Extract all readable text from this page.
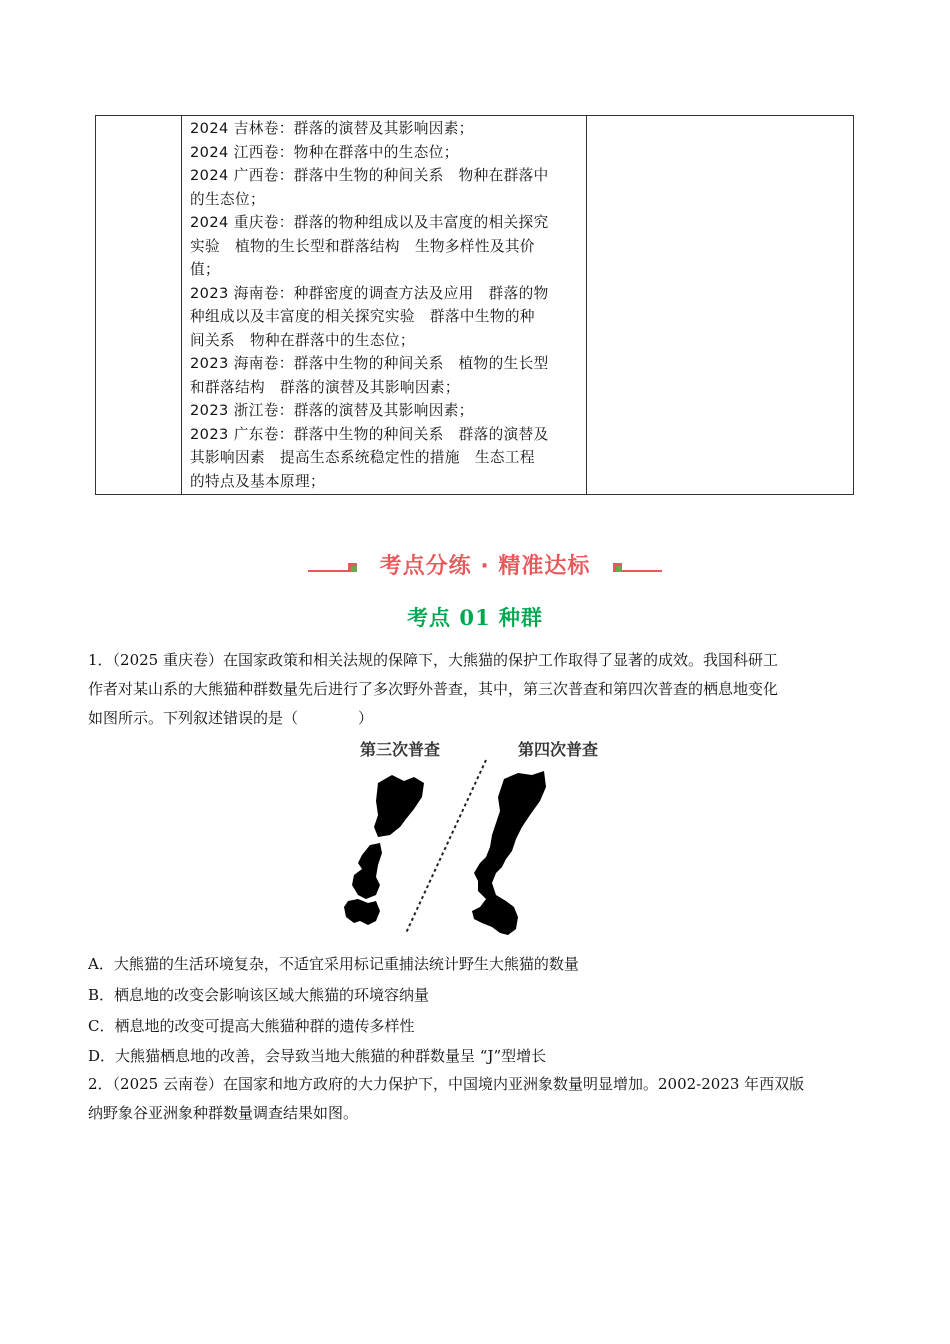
2024 吉林卷：群落的演替及其影响因素；
2024 江西卷：物种在群落中的生态位；
2024 广西卷：群落中生物的种间关系　物种在群落中
的生态位；
2024 重庆卷：群落的物种组成以及丰富度的相关探究
实验　植物的生长型和群落结构　生物多样性及其价
值；
2023 海南卷：种群密度的调查方法及应用　群落的物
种组成以及丰富度的相关探究实验　群落中生物的种
间关系　物种在群落中的生态位；
2023 海南卷：群落中生物的种间关系　植物的生长型
和群落结构　群落的演替及其影响因素；
2023 浙江卷：群落的演替及其影响因素；
2023 广东卷：群落中生物的种间关系　群落的演替及
其影响因素　提高生态系统稳定性的措施　生态工程
的特点及基本原理；
考点分练 · 精准达标
考点 01 种群
1．（2025 重庆卷）在国家政策和相关法规的保障下，大熊猫的保护工作取得了显著的成效。我国科研工
作者对某山系的大熊猫种群数量先后进行了多次野外普查，其中，第三次普查和第四次普查的栖息地变化
如图所示。下列叙述错误的是（　　　　）
第三次普查	第四次普查
A．大熊猫的生活环境复杂，不适宜采用标记重捕法统计野生大熊猫的数量
B．栖息地的改变会影响该区域大熊猫的环境容纳量
C．栖息地的改变可提高大熊猫种群的遗传多样性
D．大熊猫栖息地的改善，会导致当地大熊猫的种群数量呈 “J”型增长
2．（2025 云南卷）在国家和地方政府的大力保护下，中国境内亚洲象数量明显增加。2002-2023 年西双版
纳野象谷亚洲象种群数量调查结果如图。
